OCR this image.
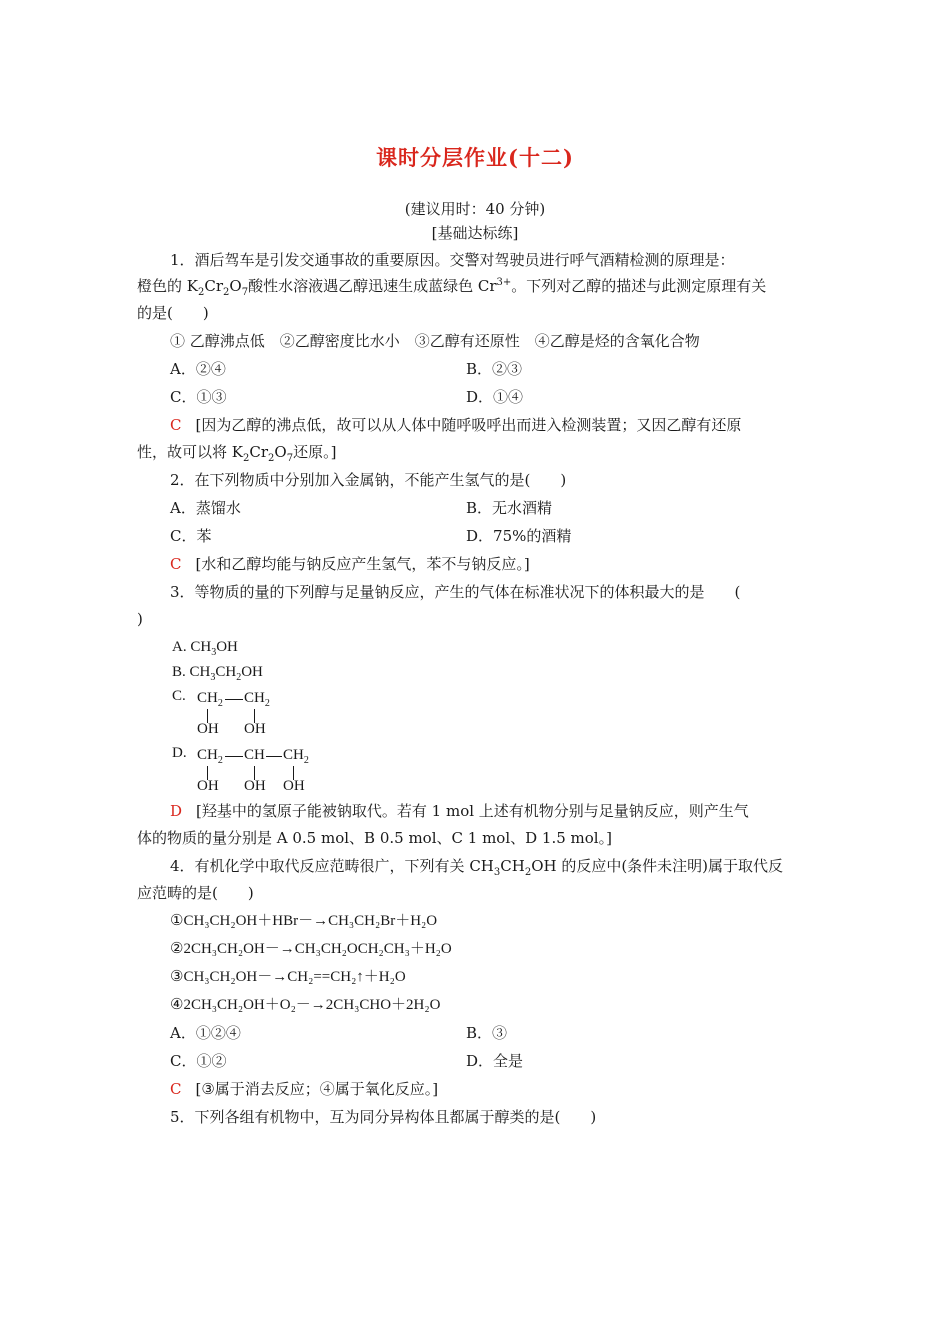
课时分层作业(十二)
(建议用时：40 分钟)
[基础达标练]
1．酒后驾车是引发交通事故的重要原因。交警对驾驶员进行呼气酒精检测的原理是：
橙色的 $K_2Cr_2O_7$酸性水溶液遇乙醇迅速生成蓝绿色 $Cr^{3+}$。下列对乙醇的描述与此测定原理有关
的是(　　)
① 乙醇沸点低　②乙醇密度比水小　③乙醇有还原性　④乙醇是烃的含氧化合物
A．②④	B．②③
C．①③	D．①④
C [因为乙醇的沸点低，故可以从人体中随呼吸呼出而进入检测装置；又因乙醇有还原
性，故可以将 $K_2Cr_2O_7$还原。]
2．在下列物质中分别加入金属钠，不能产生氢气的是(　　)
A．蒸馏水	B．无水酒精
C．苯	D．75%的酒精
C [水和乙醇均能与钠反应产生氢气，苯不与钠反应。]
3．等物质的量的下列醇与足量钠反应，产生的气体在标准状况下的体积最大的是　　(
)
A. $CH_3OH$
B. $CH_3CH_2OH$
C. $CH_2$ $CH_2$
OH OH
D. $CH_2$ CH $CH_2$
OH OH OH
D [羟基中的氢原子能被钠取代。若有 1 mol 上述有机物分别与足量钠反应，则产生气
体的物质的量分别是 A 0.5 mol、B 0.5 mol、C 1 mol、D 1.5 mol。]
4．有机化学中取代反应范畴很广，下列有关 $CH_3CH_2OH$ 的反应中(条件未注明)属于取代反
应范畴的是(　　)
①CH₃CH₂OH＋HBr－→CH₃CH₂Br＋H₂O
②2CH₃CH₂OH－→CH₃CH₂OCH₂CH₃＋H₂O
③CH₃CH₂OH－→CH₂==CH₂↑＋H₂O
④2CH₃CH₂OH＋O₂－→2CH₃CHO＋2H₂O
A．①②④	B．③
C．①②	D．全是
C [③属于消去反应；④属于氧化反应。]
5．下列各组有机物中，互为同分异构体且都属于醇类的是(　　)
